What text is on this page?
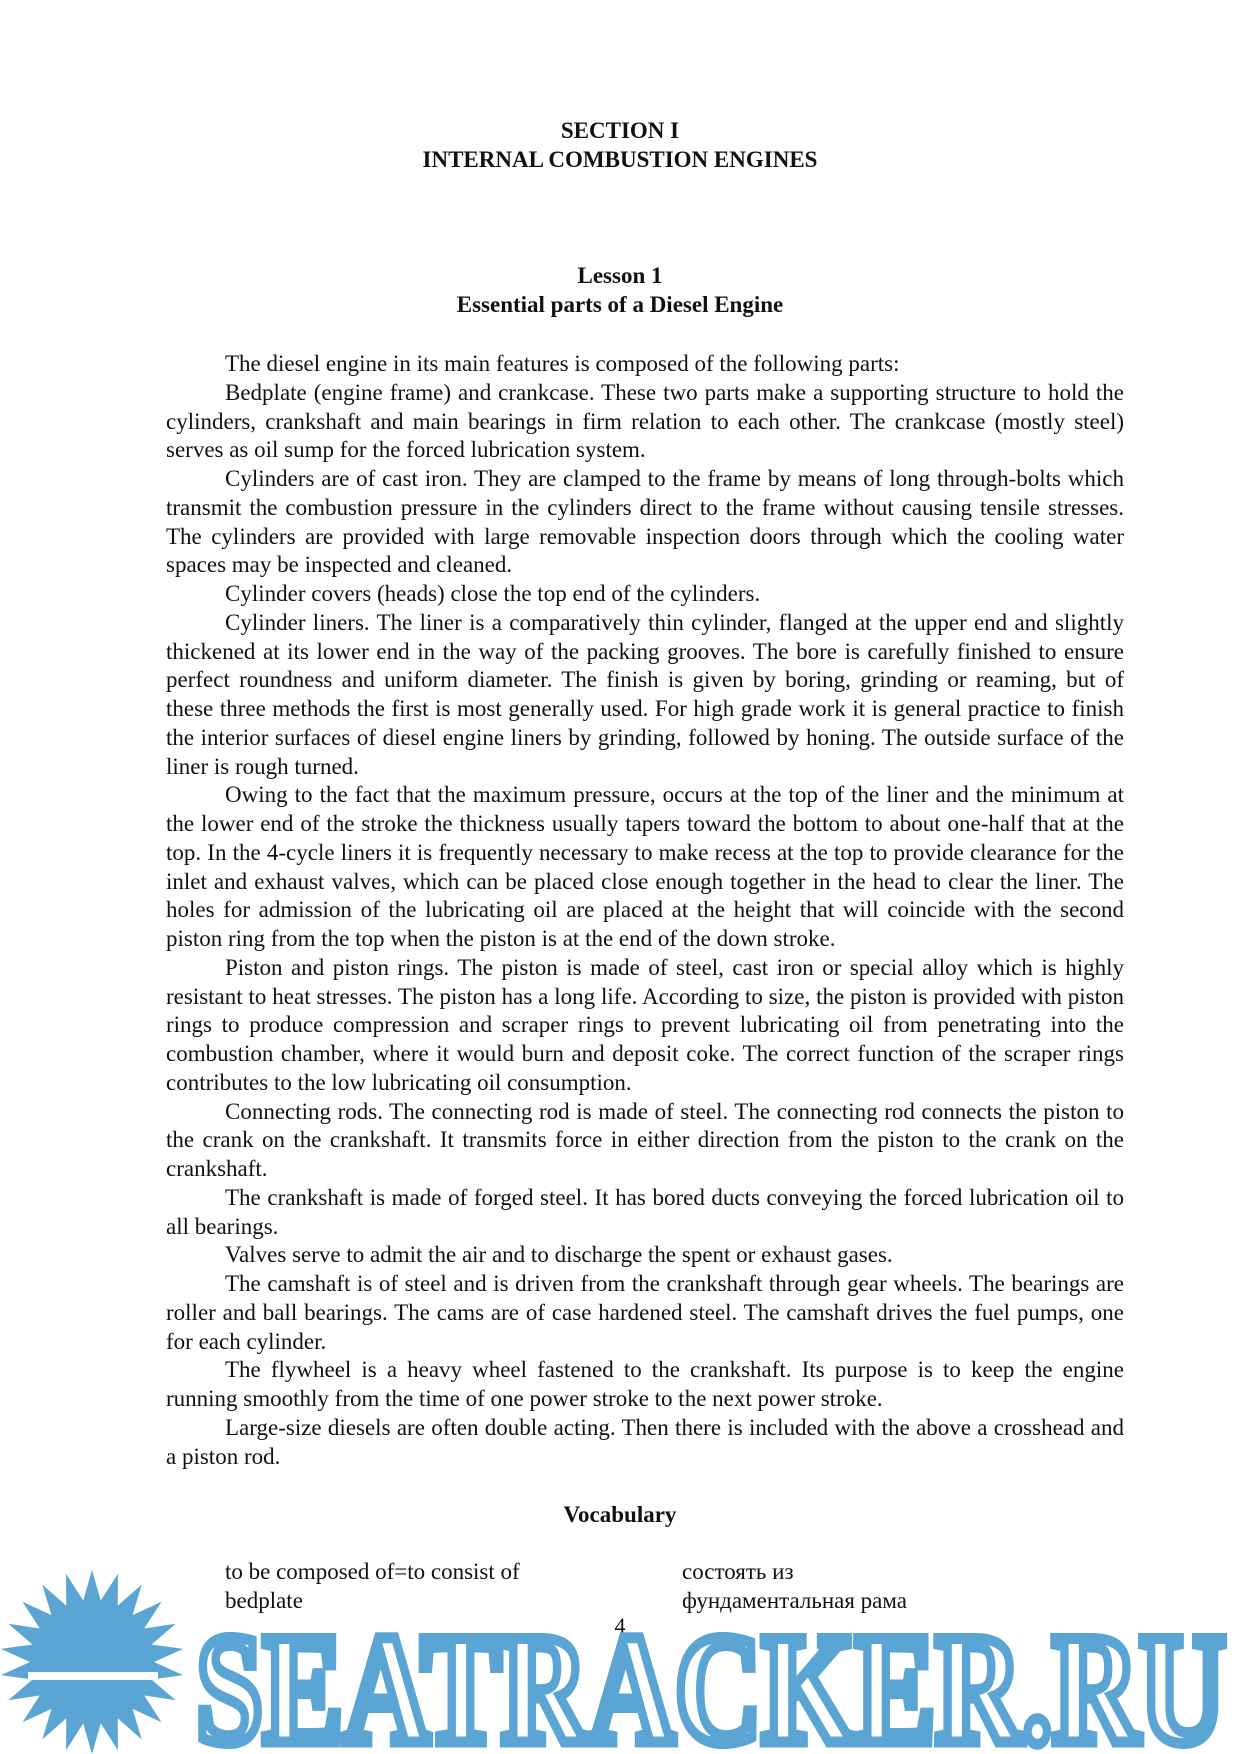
SECTION I
INTERNAL COMBUSTION ENGINES
Lesson 1
Essential parts of a Diesel Engine

The diesel engine in its main features is composed of the following parts:

Bedplate (engine frame) and crankcase. These two parts make a supporting structure to hold the cylinders, crankshaft and main bearings in firm relation to each other. The crankcase (mostly steel) serves as oil sump for the forced lubrication system.

Cylinders are of cast iron. They are clamped to the frame by means of long through-bolts which transmit the combustion pressure in the cylinders direct to the frame without causing tensile stresses. The cylinders are provided with large removable inspection doors through which the cooling water spaces may be inspected and cleaned.

Cylinder covers (heads) close the top end of the cylinders.

Cylinder liners. The liner is a comparatively thin cylinder, flanged at the upper end and slightly thickened at its lower end in the way of the packing grooves. The bore is carefully finished to ensure perfect roundness and uniform diameter. The finish is given by boring, grinding or reaming, but of these three methods the first is most generally used. For high grade work it is general practice to finish the interior surfaces of diesel engine liners by grinding, followed by honing. The outside surface of the liner is rough turned.

Owing to the fact that the maximum pressure, occurs at the top of the liner and the minimum at the lower end of the stroke the thickness usually tapers toward the bottom to about one-half that at the top. In the 4-cycle liners it is frequently necessary to make recess at the top to provide clearance for the inlet and exhaust valves, which can be placed close enough together in the head to clear the liner. The holes for admission of the lubricating oil are placed at the height that will coincide with the second piston ring from the top when the piston is at the end of the down stroke.

Piston and piston rings. The piston is made of steel, cast iron or special alloy which is highly resistant to heat stresses. The piston has a long life. According to size, the piston is provided with piston rings to produce compression and scraper rings to prevent lubricating oil from penetrating into the combustion chamber, where it would burn and deposit coke. The correct function of the scraper rings contributes to the low lubricating oil consumption.

Connecting rods. The connecting rod is made of steel. The connecting rod connects the piston to the crank on the crankshaft. It transmits force in either direction from the piston to the crank on the crankshaft.

The crankshaft is made of forged steel. It has bored ducts conveying the forced lubrication oil to all bearings.

Valves serve to admit the air and to discharge the spent or exhaust gases.

The camshaft is of steel and is driven from the crankshaft through gear wheels. The bearings are roller and ball bearings. The cams are of case hardened steel. The camshaft drives the fuel pumps, one for each cylinder.

The flywheel is a heavy wheel fastened to the crankshaft. Its purpose is to keep the engine running smoothly from the time of one power stroke to the next power stroke.

Large-size diesels are often double acting. Then there is included with the above a crosshead and a piston rod.

Vocabulary
to be composed of=to consist of	состоять из
bedplate	фундаментальная рама
4
SEATRACKER.RU
